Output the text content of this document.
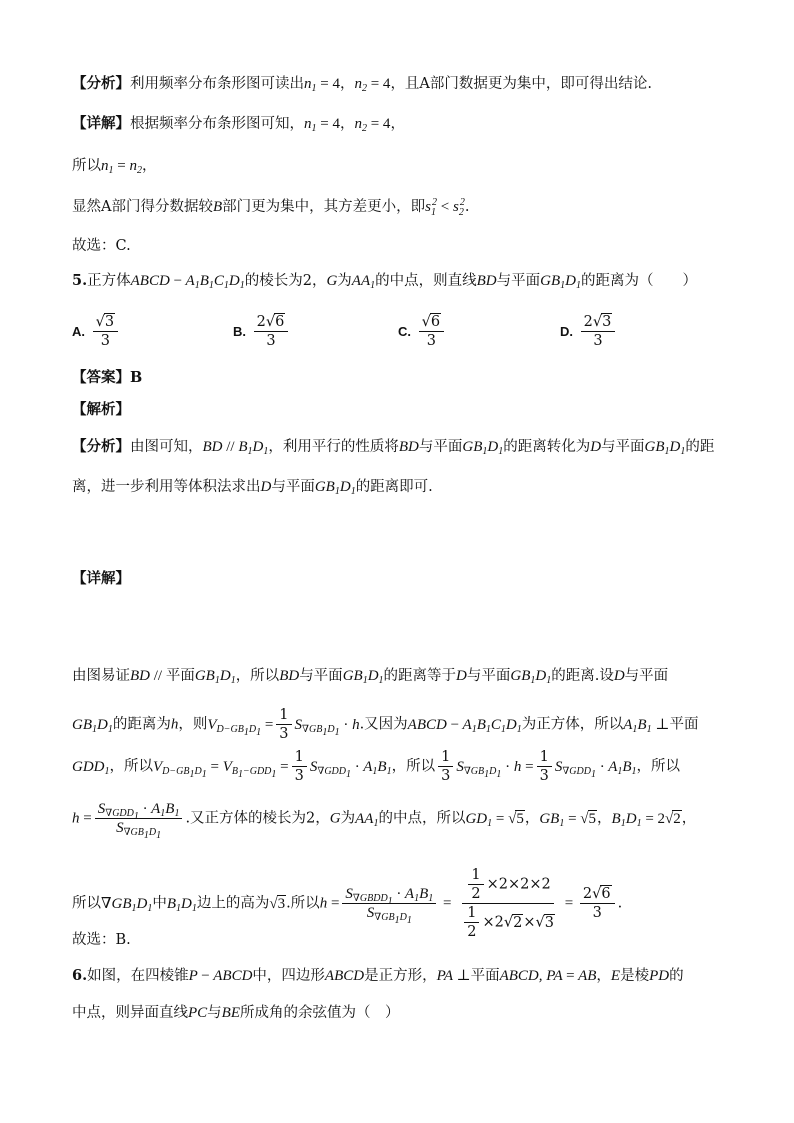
【分析】利用频率分布条形图可读出$n_1 = 4$，$n_2 = 4$，且A部门数据更为集中，即可得出结论.
【详解】根据频率分布条形图可知，$n_1 = 4$，$n_2 = 4$，
所以$n_1 = n_2$，
显然A部门得分数据较B部门更为集中，其方差更小，即$s_1^2 < s_2^2$.
故选：C.
5.正方体ABCD − $A_1B_1C_1D_1$的棱长为2，G为$AA_1$的中点，则直线BD与平面$GB_1D_1$的距离为（　　）
A. $\frac{√3}{3}$	B. $\frac{2√6}{3}$	C. $\frac{√6}{3}$	D. $\frac{2√3}{3}$
【答案】B
【解析】
【分析】由图可知，BD // $B_1D_1$，利用平行的性质将BD与平面$GB_1D_1$的距离转化为D与平面$GB_1D_1$的距
离，进一步利用等体积法求出D与平面$GB_1D_1$的距离即可.
【详解】
由图易证BD // 平面$GB_1D_1$，所以BD与平面$GB_1D_1$的距离等于D与平面$GB_1D_1$的距离.设D与平面
$GB_1D_1$的距离为h，则$V_{D-GB_1D_1} = \frac{1}{3} S_{\nabla GB_1D_1} \cdot h$.又因为ABCD − $A_1B_1C_1D_1$为正方体，所以$A_1B_1$ ⊥平面
$GDD_1$，所以$V_{D-GB_1D_1} = V_{B_1-GDD_1} = \frac{1}{3} S_{\nabla GDD_1} \cdot A_1B_1$，所以 $\frac{1}{3} S_{\nabla GB_1D_1} \cdot h = \frac{1}{3} S_{\nabla GDD_1} \cdot A_1B_1$，所以
$h = \frac{S_{\nabla GDD_1} \cdot A_1B_1}{S_{\nabla GB_1D_1}}$ .又正方体的棱长为2，G为$AA_1$的中点，所以$GD_1 = √5$，$GB_1 = √5$，$B_1D_1 = 2√2$，
所以$\nabla GB_1D_1$中$B_1D_1$边上的高为√3.所以$h = \frac{S_{\nabla GBDD_1} \cdot A_1B_1}{S_{\nabla GB_1D_1}} = \frac{\frac{1}{2} \times 2\times 2\times 2}{\frac{1}{2} \times 2√2\times√3} = \frac{2√6}{3}$ .
故选：B.
6.如图，在四棱锥P − ABCD中，四边形ABCD是正方形，PA ⊥平面ABCD, PA = AB，E是棱PD的
中点，则异面直线PC与BE所成角的余弦值为（　）
